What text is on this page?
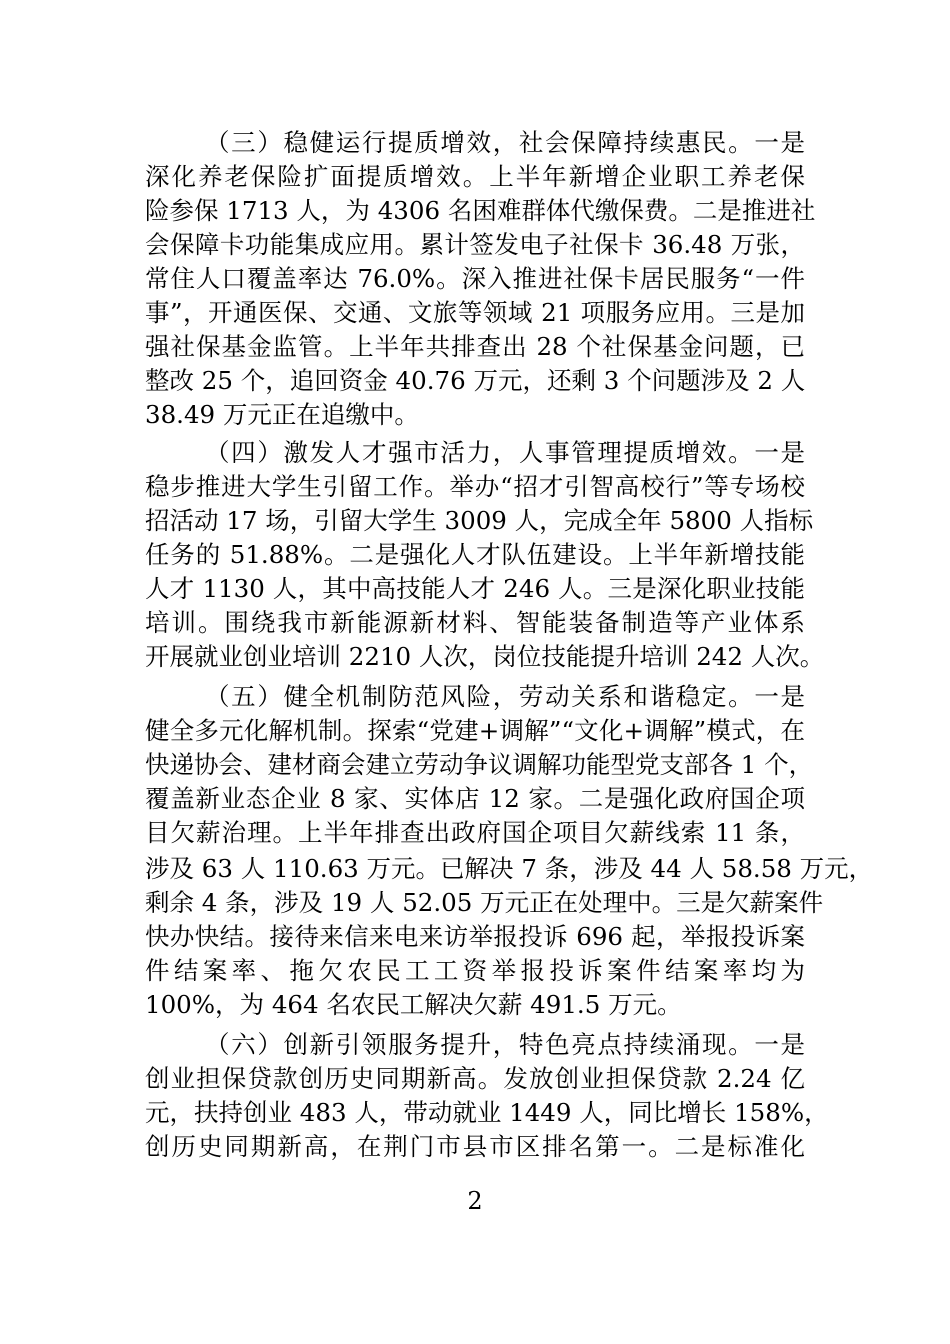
（三）稳健运行提质增效，社会保障持续惠民。一是
深化养老保险扩面提质增效。上半年新增企业职工养老保
险参保 1713 人，为 4306 名困难群体代缴保费。二是推进社
会保障卡功能集成应用。累计签发电子社保卡 36.48 万张，
常住人口覆盖率达 76.0%。深入推进社保卡居民服务“一件
事”，开通医保、交通、文旅等领域 21 项服务应用。三是加
强社保基金监管。上半年共排查出 28 个社保基金问题，已
整改 25 个，追回资金 40.76 万元，还剩 3 个问题涉及 2 人
38.49 万元正在追缴中。
（四）激发人才强市活力，人事管理提质增效。一是
稳步推进大学生引留工作。举办“招才引智高校行”等专场校
招活动 17 场，引留大学生 3009 人，完成全年 5800 人指标
任务的 51.88%。二是强化人才队伍建设。上半年新增技能
人才 1130 人，其中高技能人才 246 人。三是深化职业技能
培训。围绕我市新能源新材料、智能装备制造等产业体系
开展就业创业培训 2210 人次，岗位技能提升培训 242 人次。
（五）健全机制防范风险，劳动关系和谐稳定。一是
健全多元化解机制。探索“党建+调解”“文化+调解”模式，在
快递协会、建材商会建立劳动争议调解功能型党支部各 1 个，
覆盖新业态企业 8 家、实体店 12 家。二是强化政府国企项
目欠薪治理。上半年排查出政府国企项目欠薪线索 11 条，
涉及 63 人 110.63 万元。已解决 7 条，涉及 44 人 58.58 万元，
剩余 4 条，涉及 19 人 52.05 万元正在处理中。三是欠薪案件
快办快结。接待来信来电来访举报投诉 696 起，举报投诉案
件结案率、拖欠农民工工资举报投诉案件结案率均为
100%，为 464 名农民工解决欠薪 491.5 万元。
（六）创新引领服务提升，特色亮点持续涌现。一是
创业担保贷款创历史同期新高。发放创业担保贷款 2.24 亿
元，扶持创业 483 人，带动就业 1449 人，同比增长 158%，
创历史同期新高，在荆门市县市区排名第一。二是标准化
2
